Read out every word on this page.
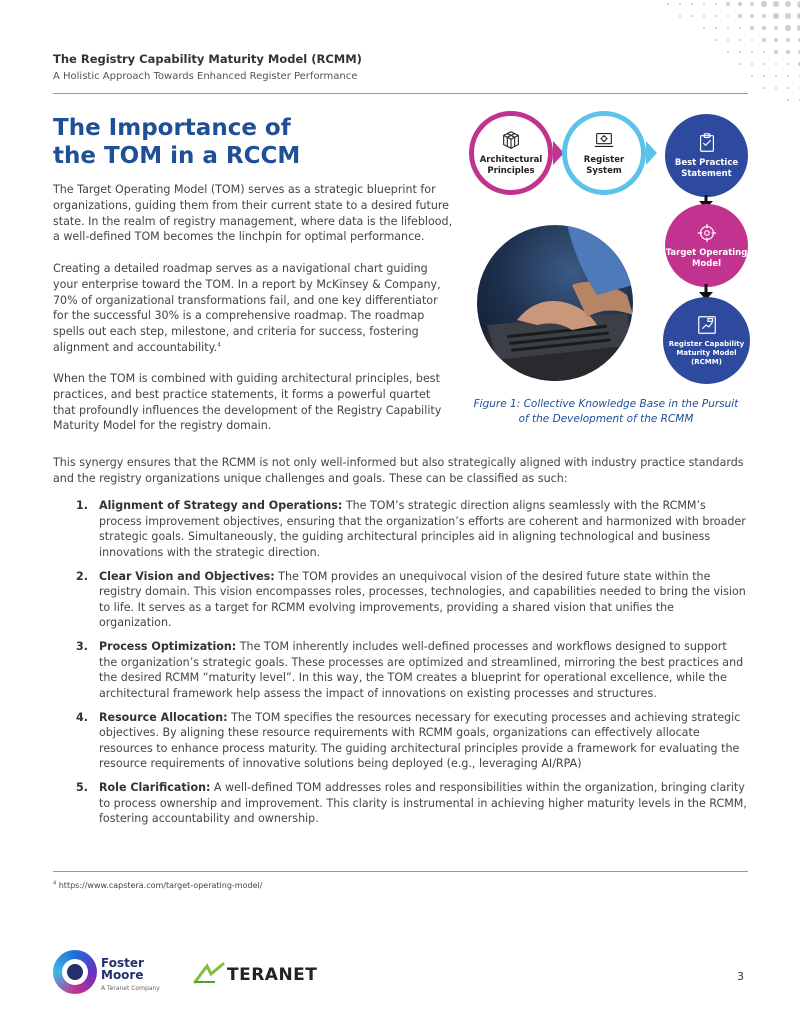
The Registry Capability Maturity Model (RCMM)
A Holistic Approach Towards Enhanced Register Performance
The Importance of
the TOM in a RCCM

The Target Operating Model (TOM) serves as a strategic blueprint for organizations, guiding them from their current state to a desired future state. In the realm of registry management, where data is the lifeblood, a well-defined TOM becomes the linchpin for optimal performance.

Creating a detailed roadmap serves as a navigational chart guiding your enterprise toward the TOM. In a report by McKinsey & Company, 70% of organizational transformations fail, and one key differentiator for the successful 30% is a comprehensive roadmap. The roadmap spells out each step, milestone, and criteria for success, fostering alignment and accountability.$^4$

When the TOM is combined with guiding architectural principles, best practices, and best practice statements, it forms a powerful quartet that profoundly influences the development of the Registry Capability Maturity Model for the registry domain.

Architectural Principles
Register System
Best Practice Statement
Target Operating Model
Register Capability Maturity Model (RCMM)
Figure 1: Collective Knowledge Base in the Pursuit
of the Development of the RCMM

This synergy ensures that the RCMM is not only well-informed but also strategically aligned with industry practice standards and the registry organizations unique challenges and goals. These can be classified as such:

1. Alignment of Strategy and Operations: The TOM’s strategic direction aligns seamlessly with the RCMM’s process improvement objectives, ensuring that the organization’s efforts are coherent and harmonized with broader strategic goals. Simultaneously, the guiding architectural principles aid in aligning technological and business innovations with the strategic direction.
2. Clear Vision and Objectives: The TOM provides an unequivocal vision of the desired future state within the registry domain. This vision encompasses roles, processes, technologies, and capabilities needed to bring the vision to life. It serves as a target for RCMM evolving improvements, providing a shared vision that unifies the organization.
3. Process Optimization: The TOM inherently includes well-defined processes and workflows designed to support the organization’s strategic goals. These processes are optimized and streamlined, mirroring the best practices and the desired RCMM “maturity level”. In this way, the TOM creates a blueprint for operational excellence, while the architectural framework help assess the impact of innovations on existing processes and structures.
4. Resource Allocation: The TOM specifies the resources necessary for executing processes and achieving strategic objectives. By aligning these resource requirements with RCMM goals, organizations can effectively allocate resources to enhance process maturity. The guiding architectural principles provide a framework for evaluating the resource requirements of innovative solutions being deployed (e.g., leveraging AI/RPA)
5. Role Clarification: A well-defined TOM addresses roles and responsibilities within the organization, bringing clarity to process ownership and improvement. This clarity is instrumental in achieving higher maturity levels in the RCMM, fostering accountability and ownership.
$^4$ https://www.capstera.com/target-operating-model/
Foster
Moore
A Teranet Company
TERANET	3
